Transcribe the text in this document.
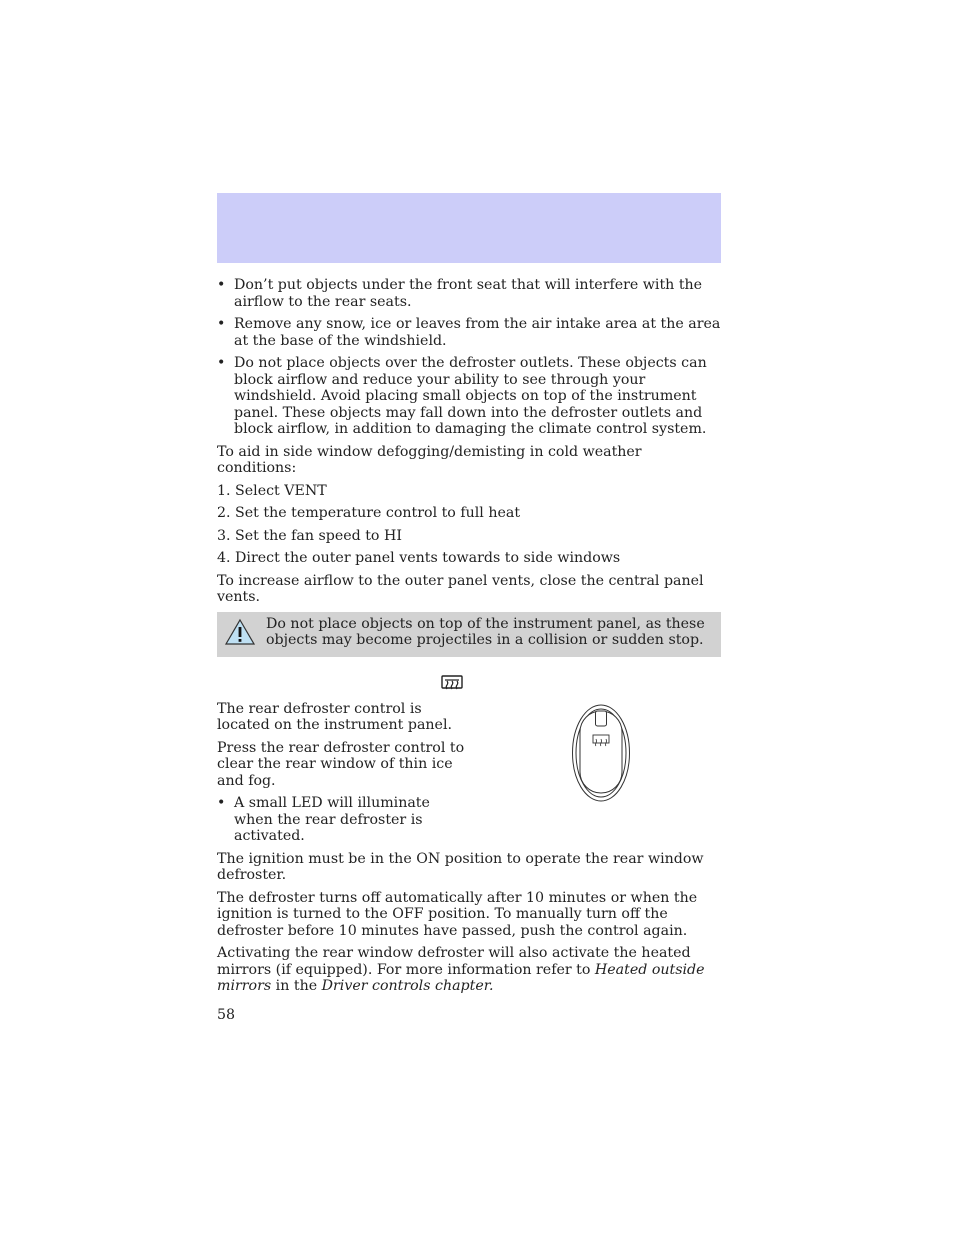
• Don’t put objects under the front seat that will interfere with the airflow to the rear seats.
• Remove any snow, ice or leaves from the air intake area at the area at the base of the windshield.
• Do not place objects over the defroster outlets. These objects can block airflow and reduce your ability to see through your windshield. Avoid placing small objects on top of the instrument panel. These objects may fall down into the defroster outlets and block airflow, in addition to damaging the climate control system.

To aid in side window defogging/demisting in cold weather conditions:

1. Select VENT
2. Set the temperature control to full heat
3. Set the fan speed to HI
4. Direct the outer panel vents towards to side windows

To increase airflow to the outer panel vents, close the central panel vents.

Do not place objects on top of the instrument panel, as these objects may become projectiles in a collision or sudden stop.

The rear defroster control is located on the instrument panel.

Press the rear defroster control to clear the rear window of thin ice and fog.

• A small LED will illuminate when the rear defroster is activated.

The ignition must be in the ON position to operate the rear window defroster.

The defroster turns off automatically after 10 minutes or when the ignition is turned to the OFF position. To manually turn off the defroster before 10 minutes have passed, push the control again.

Activating the rear window defroster will also activate the heated mirrors (if equipped). For more information refer to Heated outside mirrors in the Driver controls chapter.

58
